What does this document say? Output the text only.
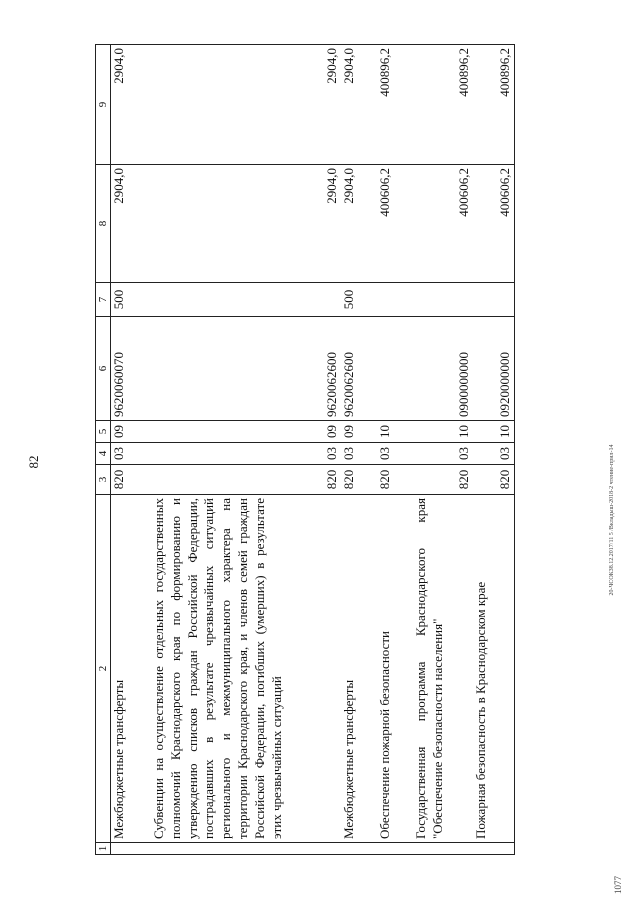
82
1	2	3	4	5	6	7	8	9
	Межбюджетные трансферты	820	03	09	9620060070	500	2904,0	2904,0
	Субвенции на осуществление отдельных государственных полномочий Краснодарского края по формированию и утверждению списков граждан Российской Федерации, пострадавших в результате чрезвычайных ситуаций регионального и межмуниципального характера на территории Краснодарского края, и членов семей граждан Российской Федерации, погибших (умерших) в результате этих чрезвычайных ситуаций	820	03	09	9620062600		2904,0	2904,0
	Межбюджетные трансферты	820	03	09	9620062600	500	2904,0	2904,0
	Обеспечение пожарной безопасности	820	03	10			400606,2	400896,2
	Государственная программа Краснодарского края "Обеспечение безопасности населения"	820	03	10	0900000000		400606,2	400896,2
	Пожарная безопасность в Краснодарском крае	820	03	10	0920000000		400606,2	400896,2
20-ЧСОКЗ8.12.2017/11 5 /Вкладыш-2018-2 чтение-прил-14
1077
